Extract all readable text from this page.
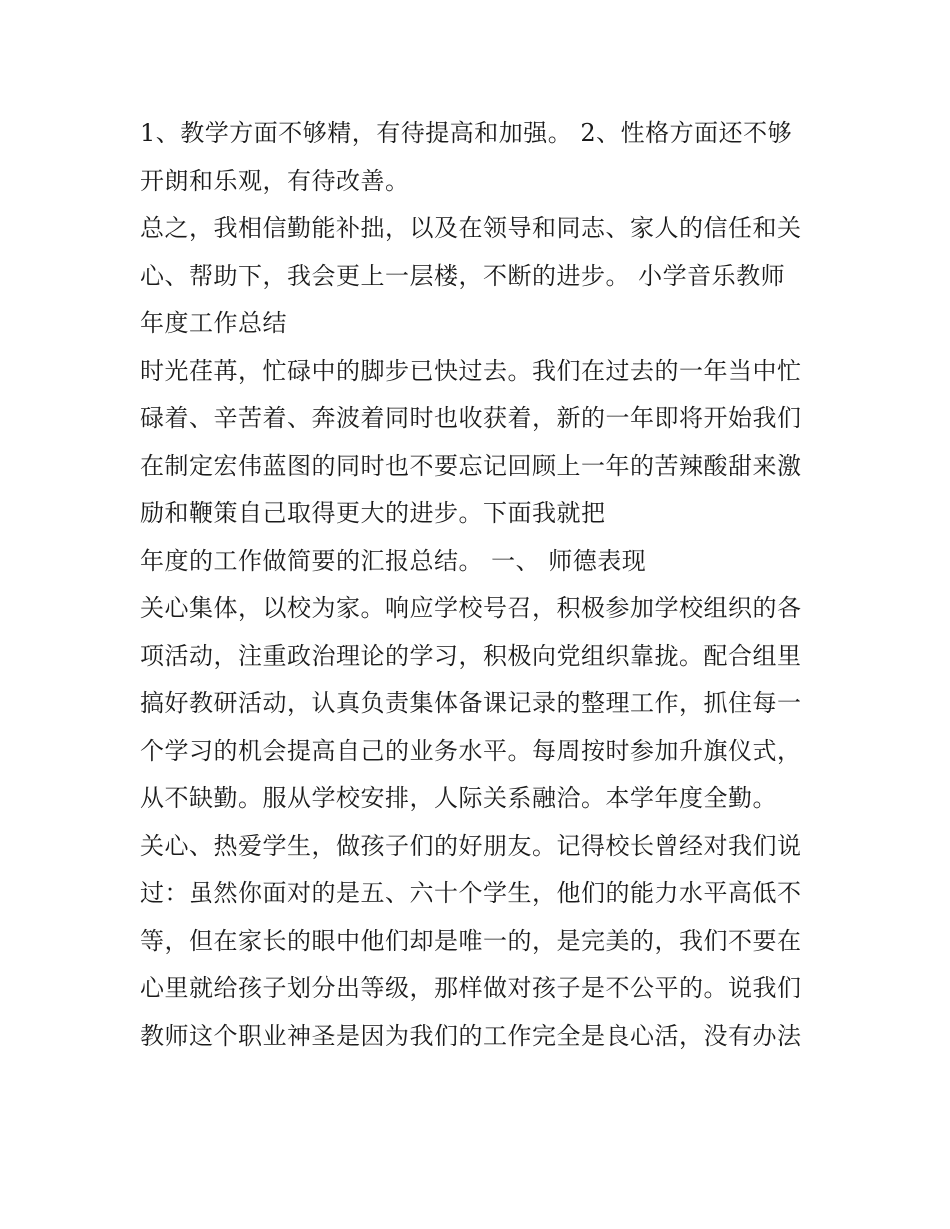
1、教学方面不够精，有待提高和加强。 2、性格方面还不够
开朗和乐观，有待改善。
总之，我相信勤能补拙，以及在领导和同志、家人的信任和关
心、帮助下，我会更上一层楼，不断的进步。 小学音乐教师
年度工作总结
时光荏苒，忙碌中的脚步已快过去。我们在过去的一年当中忙
碌着、辛苦着、奔波着同时也收获着，新的一年即将开始我们
在制定宏伟蓝图的同时也不要忘记回顾上一年的苦辣酸甜来激
励和鞭策自己取得更大的进步。下面我就把
年度的工作做简要的汇报总结。 一、 师德表现
关心集体，以校为家。响应学校号召，积极参加学校组织的各
项活动，注重政治理论的学习，积极向党组织靠拢。配合组里
搞好教研活动，认真负责集体备课记录的整理工作，抓住每一
个学习的机会提高自己的业务水平。每周按时参加升旗仪式，
从不缺勤。服从学校安排，人际关系融洽。本学年度全勤。
关心、热爱学生，做孩子们的好朋友。记得校长曾经对我们说
过：虽然你面对的是五、六十个学生，他们的能力水平高低不
等，但在家长的眼中他们却是唯一的，是完美的，我们不要在
心里就给孩子划分出等级，那样做对孩子是不公平的。说我们
教师这个职业神圣是因为我们的工作完全是良心活，没有办法
